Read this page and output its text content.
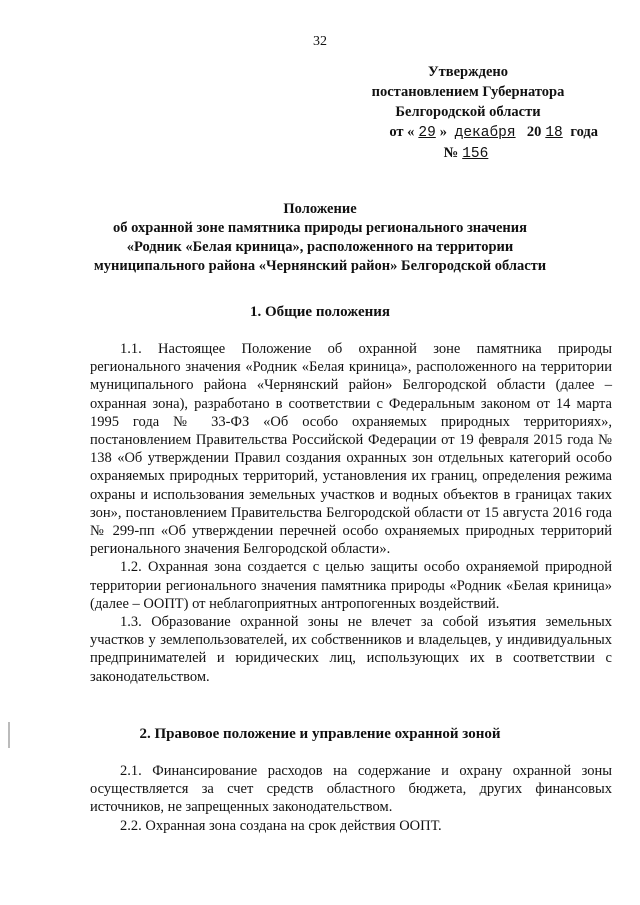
32
Утверждено
постановлением Губернатора
Белгородской области
от « 29 » декабря 20 18 года
№ 156
Положение
об охранной зоне памятника природы регионального значения
«Родник «Белая криница», расположенного на территории
муниципального района «Чернянский район» Белгородской области
1. Общие положения

1.1. Настоящее Положение об охранной зоне памятника природы регионального значения «Родник «Белая криница», расположенного на территории муниципального района «Чернянский район» Белгородской области (далее – охранная зона), разработано в соответствии с Федеральным законом от 14 марта 1995 года № 33-ФЗ «Об особо охраняемых природных территориях», постановлением Правительства Российской Федерации от 19 февраля 2015 года № 138 «Об утверждении Правил создания охранных зон отдельных категорий особо охраняемых природных территорий, установления их границ, определения режима охраны и использования земельных участков и водных объектов в границах таких зон», постановлением Правительства Белгородской области от 15 августа 2016 года № 299-пп «Об утверждении перечней особо охраняемых природных территорий регионального значения Белгородской области».

1.2. Охранная зона создается с целью защиты особо охраняемой природной территории регионального значения памятника природы «Родник «Белая криница» (далее – ООПТ) от неблагоприятных антропогенных воздействий.

1.3. Образование охранной зоны не влечет за собой изъятия земельных участков у землепользователей, их собственников и владельцев, у индивидуальных предпринимателей и юридических лиц, использующих их в соответствии с законодательством.

2. Правовое положение и управление охранной зоной

2.1. Финансирование расходов на содержание и охрану охранной зоны осуществляется за счет средств областного бюджета, других финансовых источников, не запрещенных законодательством.

2.2. Охранная зона создана на срок действия ООПТ.
